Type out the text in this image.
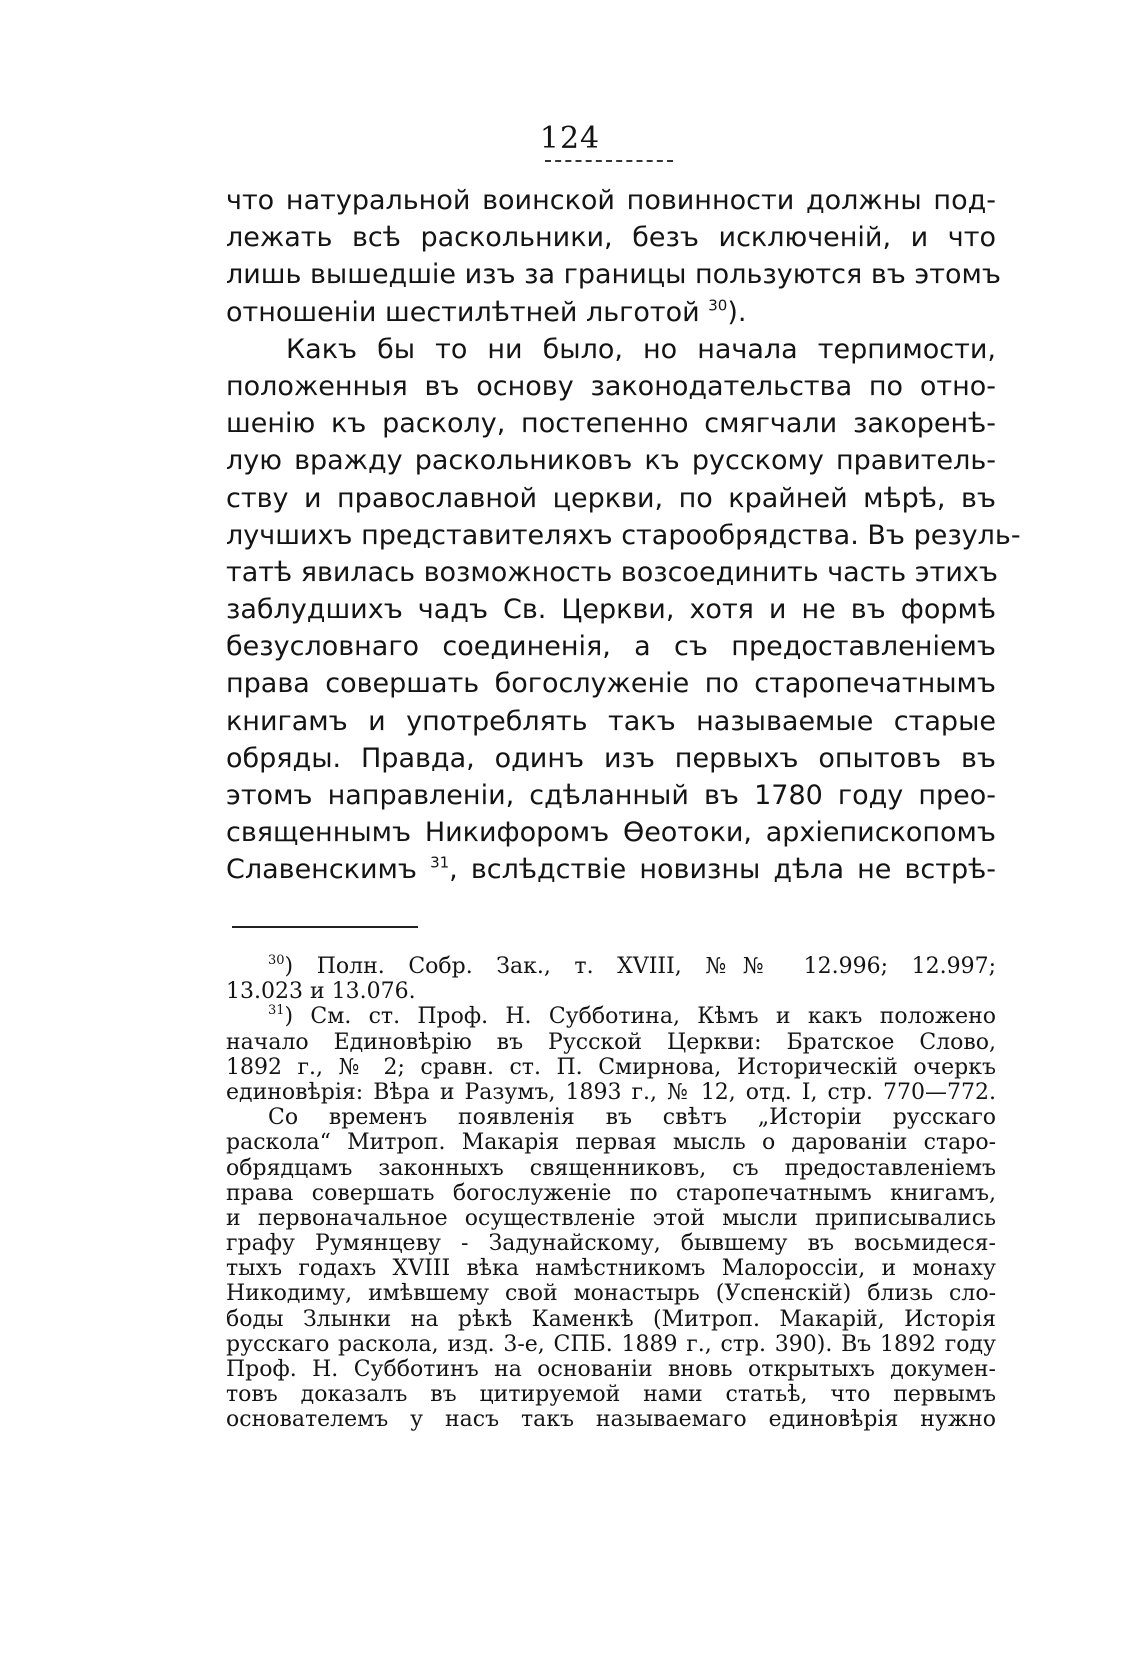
124
что натуральной воинской повинности должны под-
лежать всѣ раскольники, безъ исключенiй, и что
лишь вышедшiе изъ за границы пользуются въ этомъ
отношенiи шестилѣтней льготой $^{30}$).
Какъ бы то ни было, но начала терпимости,
положенныя въ основу законодательства по отно-
шенiю къ расколу, постепенно смягчали закоренѣ-
лую вражду раскольниковъ къ русскому правитель-
ству и православной церкви, по крайней мѣрѣ, въ
лучшихъ представителяхъ старообрядства. Въ резуль-
татѣ явилась возможность возсоединить часть этихъ
заблудшихъ чадъ Св. Церкви, хотя и не въ формѣ
безусловнаго соединенiя, а съ предоставленiемъ
права совершать богослуженiе по старопечатнымъ
книгамъ и употреблять такъ называемые старые
обряды. Правда, одинъ изъ первыхъ опытовъ въ
этомъ направленiи, сдѣланный въ 1780 году прео-
священнымъ Никифоромъ Ѳеотоки, архiепископомъ
Славенскимъ $^{31}$, вслѣдствiе новизны дѣла не встрѣ-
$^{30}$) Полн. Собр. Зак., т. XVIII, №№ 12.996; 12.997;
13.023 и 13.076.
$^{31}$) См. ст. Проф. Н. Субботина, Кѣмъ и какъ положено
начало Единовѣрiю въ Русской Церкви: Братское Слово,
1892 г., № 2; сравн. ст. П. Смирнова, Историческiй очеркъ
единовѣрiя: Вѣра и Разумъ, 1893 г., № 12, отд. I, стр. 770—772.
Со временъ появленiя въ свѣтъ „Исторiи русскаго
раскола“ Митроп. Макарiя первая мысль о дарованiи старо-
обрядцамъ законныхъ священниковъ, съ предоставленiемъ
права совершать богослуженiе по старопечатнымъ книгамъ,
и первоначальное осуществленiе этой мысли приписывались
графу Румянцеву - Задунайскому, бывшему въ восьмидеся-
тыхъ годахъ XVIII вѣка намѣстникомъ Малороссiи, и монаху
Никодиму, имѣвшему свой монастырь (Успенскiй) близь сло-
боды Злынки на рѣкѣ Каменкѣ (Митроп. Макарiй, Исторiя
русскаго раскола, изд. 3-е, СПБ. 1889 г., стр. 390). Въ 1892 году
Проф. Н. Субботинъ на основанiи вновь открытыхъ докумен-
товъ доказалъ въ цитируемой нами статьѣ, что первымъ
основателемъ у насъ такъ называемаго единовѣрiя нужно
